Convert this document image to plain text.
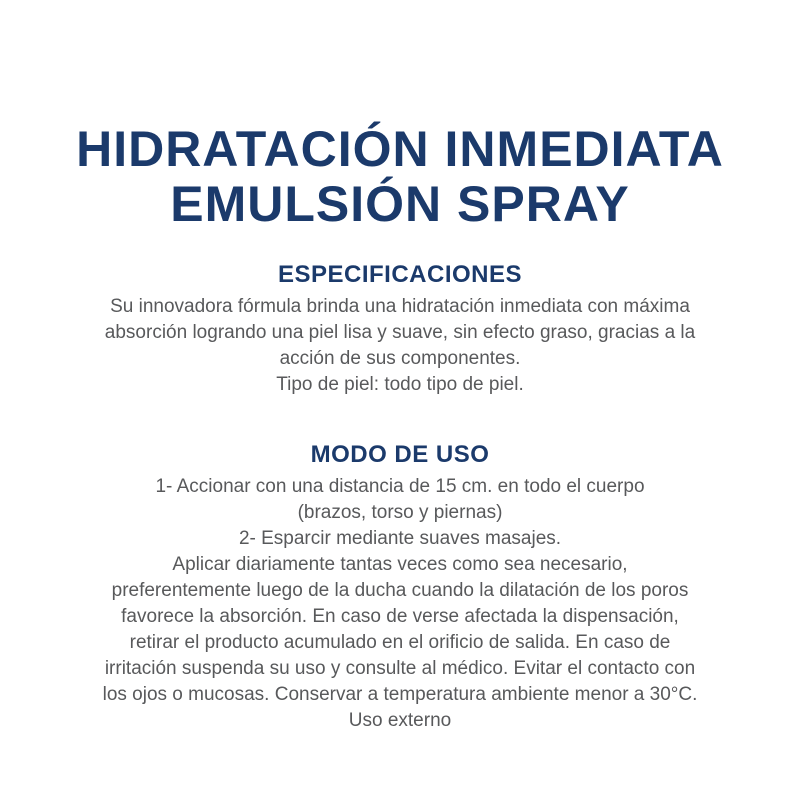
HIDRATACIÓN INMEDIATA
EMULSIÓN SPRAY
ESPECIFICACIONES

Su innovadora fórmula brinda una hidratación inmediata con máxima
absorción logrando una piel lisa y suave, sin efecto graso, gracias a la
acción de sus componentes.
Tipo de piel: todo tipo de piel.

MODO DE USO

1- Accionar con una distancia de 15 cm. en todo el cuerpo
(brazos, torso y piernas)
2- Esparcir mediante suaves masajes.
Aplicar diariamente tantas veces como sea necesario,
preferentemente luego de la ducha cuando la dilatación de los poros
favorece la absorción. En caso de verse afectada la dispensación,
retirar el producto acumulado en el orificio de salida. En caso de
irritación suspenda su uso y consulte al médico. Evitar el contacto con
los ojos o mucosas. Conservar a temperatura ambiente menor a 30°C.
Uso externo
